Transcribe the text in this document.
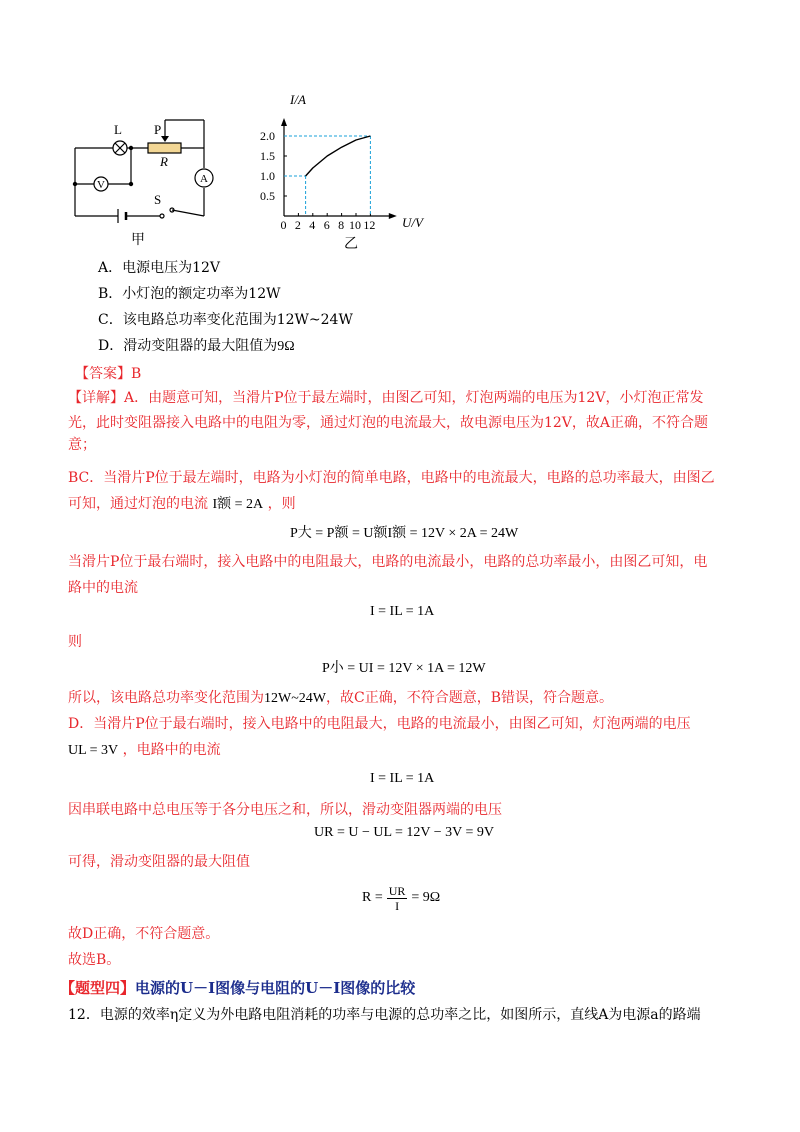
L P
R
V	A
S
甲
0 2 4 6 8 10 12
0.5
1.0
1.5
2.0
I/A
U/V
乙
A．电源电压为12V
B．小灯泡的额定功率为12W
C．该电路总功率变化范围为12W~24W
D．滑动变阻器的最大阻值为9Ω
【答案】B
【详解】A．由题意可知，当滑片P位于最左端时，由图乙可知，灯泡两端的电压为12V，小灯泡正常发
光，此时变阻器接入电路中的电阻为零，通过灯泡的电流最大，故电源电压为12V，故A正确，不符合题意；
BC．当滑片P位于最左端时，电路为小灯泡的简单电路，电路中的电流最大，电路的总功率最大，由图乙
可知，通过灯泡的电流 I额 = 2A ，则
P大 = P额 = U额I额 = 12V × 2A = 24W
当滑片P位于最右端时，接入电路中的电阻最大，电路的电流最小，电路的总功率最小，由图乙可知，电
路中的电流
I = IL = 1A
则
P小 = UI = 12V × 1A = 12W
所以，该电路总功率变化范围为12W~24W，故C正确，不符合题意，B错误，符合题意。
D．当滑片P位于最右端时，接入电路中的电阻最大，电路的电流最小，由图乙可知，灯泡两端的电压
UL = 3V ，电路中的电流
I = IL = 1A
因串联电路中总电压等于各分电压之和，所以，滑动变阻器两端的电压
UR = U − UL = 12V − 3V = 9V
可得，滑动变阻器的最大阻值
$R = \frac{UR}{I} = 9\Omega$
故D正确，不符合题意。
故选B。
【题型四】电源的U－I图像与电阻的U－I图像的比较
12．电源的效率η定义为外电路电阻消耗的功率与电源的总功率之比，如图所示，直线A为电源a的路端
